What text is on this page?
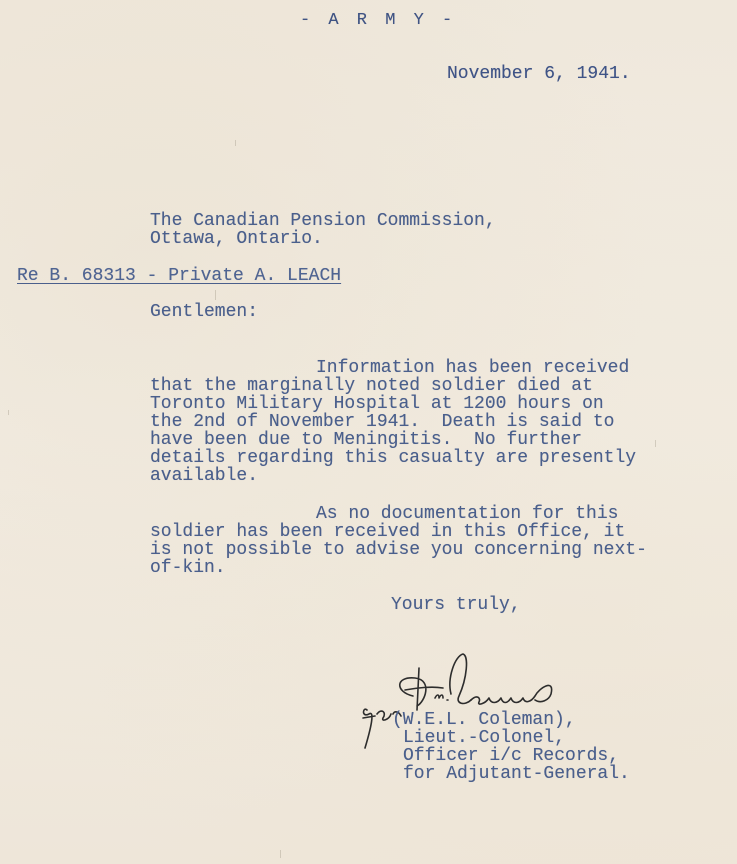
- A R M Y -
November 6, 1941.
The Canadian Pension Commission,
Ottawa, Ontario.
Re B. 68313 - Private A. LEACH
Gentlemen:
Information has been received
that the marginally noted soldier died at
Toronto Military Hospital at 1200 hours on
the 2nd of November 1941.  Death is said to
have been due to Meningitis.  No further
details regarding this casualty are presently
available.
As no documentation for this
soldier has been received in this Office, it
is not possible to advise you concerning next-
of-kin.
Yours truly,
(W.E.L. Coleman),
Lieut.-Colonel,
Officer i/c Records,
for Adjutant-General.
